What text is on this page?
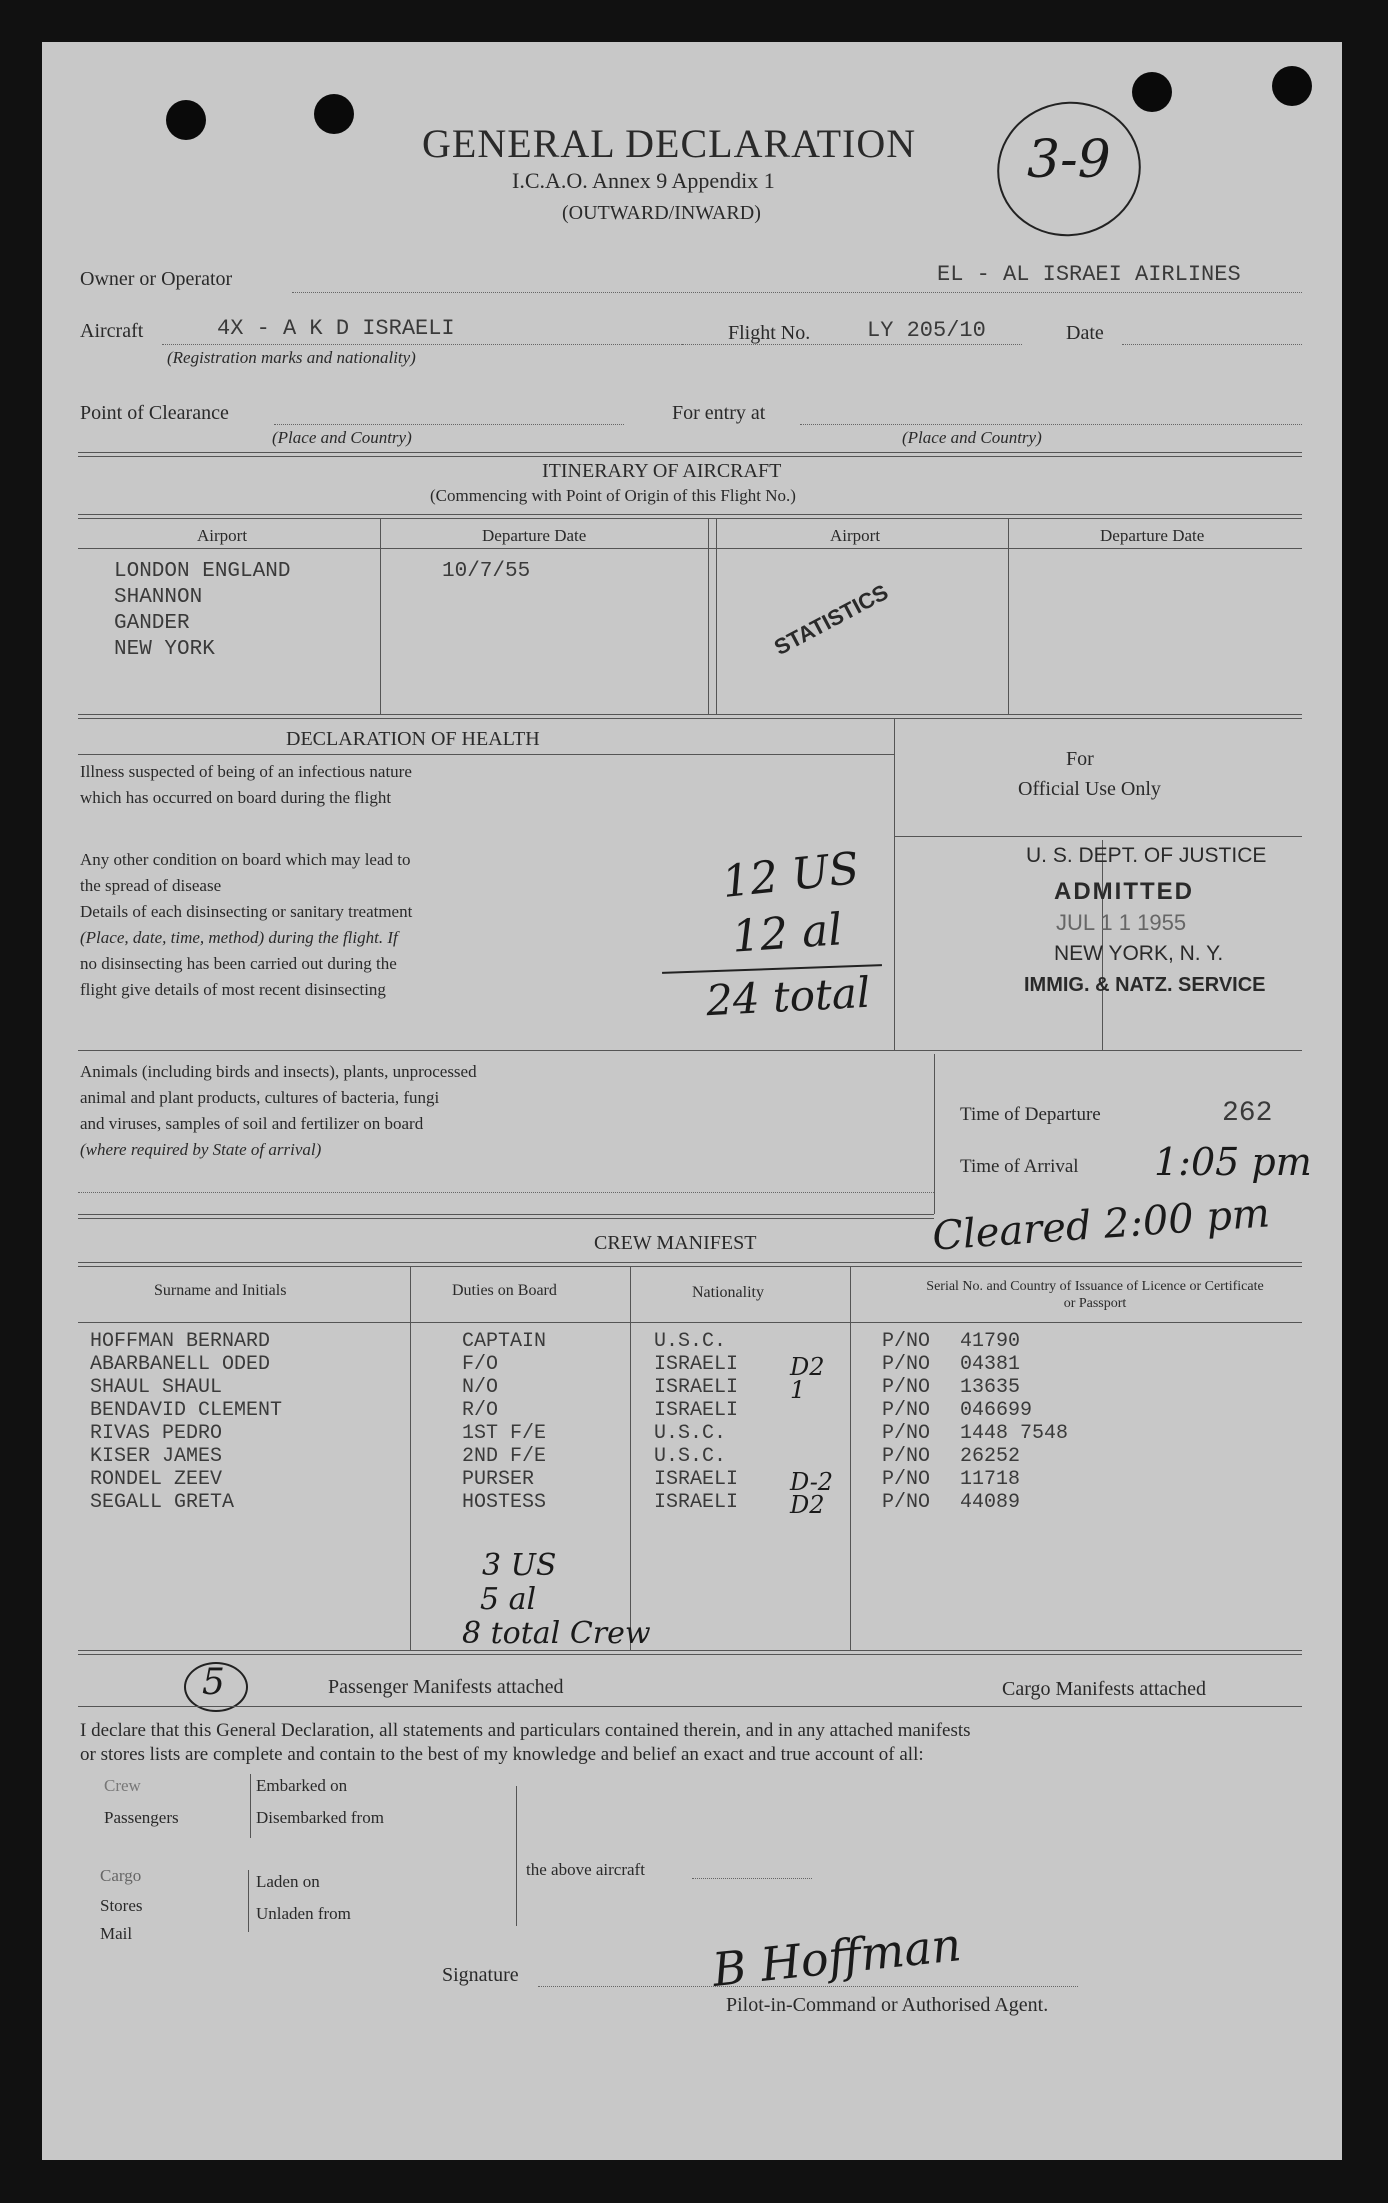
GENERAL DECLARATION
I.C.A.O. Annex 9 Appendix 1
(OUTWARD/INWARD)
3-9
Owner or Operator	EL - AL ISRAEI AIRLINES
Aircraft	4X - A K D ISRAELI
(Registration marks and nationality)
Flight No.	LY 205/10	Date
Point of Clearance
(Place and Country)
For entry at
(Place and Country)
ITINERARY OF AIRCRAFT
(Commencing with Point of Origin of this Flight No.)
Airport	Departure Date	Airport	Departure Date
LONDON ENGLAND
SHANNON
GANDER
NEW YORK
10/7/55
STATISTICS
DECLARATION OF HEALTH
Illness suspected of being of an infectious nature
which has occurred on board during the flight
Any other condition on board which may lead to
the spread of disease
Details of each disinsecting or sanitary treatment
(Place, date, time, method) during the flight. If
no disinsecting has been carried out during the
flight give details of most recent disinsecting
12 US
12 al
24 total
For
Official Use Only
U. S. DEPT. OF JUSTICE
ADMITTED
JUL 1 1 1955
NEW YORK, N. Y.
IMMIG. & NATZ. SERVICE
Animals (including birds and insects), plants, unprocessed
animal and plant products, cultures of bacteria, fungi
and viruses, samples of soil and fertilizer on board
(where required by State of arrival)
Time of Departure	262
Time of Arrival 1:05 pm
Cleared 2:00 pm
CREW MANIFEST
Surname and Initials	Duties on Board	Nationality	Serial No. and Country of Issuance of Licence or Certificate or Passport
HOFFMAN BERNARD	CAPTAIN	U.S.C.	P/NO 41790
ABARBANELL ODED	F/O	ISRAELI D2	P/NO 04381
SHAUL SHAUL	N/O	ISRAELI 1	P/NO 13635
BENDAVID CLEMENT	R/O	ISRAELI	P/NO 046699
RIVAS PEDRO	1ST F/E	U.S.C.	P/NO 1448 7548
KISER JAMES	2ND F/E	U.S.C.	P/NO 26252
RONDEL ZEEV	PURSER	ISRAELI D-2 P/NO 11718
SEGALL GRETA	HOSTESS	ISRAELI D2	P/NO 44089
3 US
5 al
8 total Crew
5	Passenger Manifests attached	Cargo Manifests attached
I declare that this General Declaration, all statements and particulars contained therein, and in any attached manifests
or stores lists are complete and contain to the best of my knowledge and belief an exact and true account of all:
Crew
Passengers
Embarked on
Disembarked from
the above aircraft
Cargo
Stores
Mail
Laden on
Unladen from
Signature	B Hoffman
Pilot-in-Command or Authorised Agent.
